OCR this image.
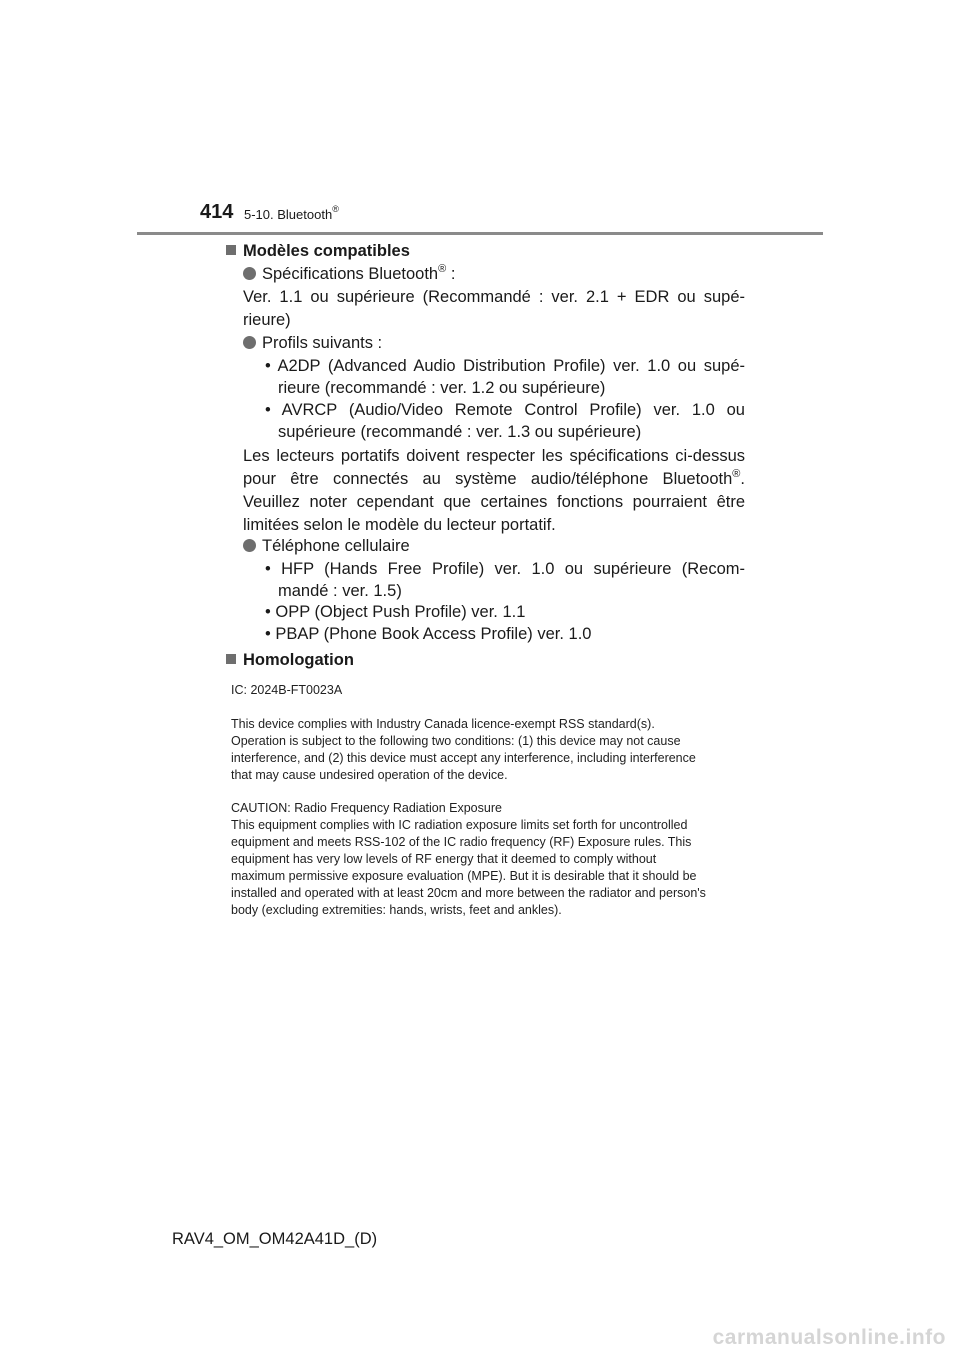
414 5-10. Bluetooth®
Modèles compatibles
Spécifications Bluetooth® :
Ver. 1.1 ou supérieure (Recommandé : ver. 2.1 + EDR ou supé-
rieure)
Profils suivants :
• A2DP (Advanced Audio Distribution Profile) ver. 1.0 ou supé-
rieure (recommandé : ver. 1.2 ou supérieure)
• AVRCP (Audio/Video Remote Control Profile) ver. 1.0 ou
supérieure (recommandé : ver. 1.3 ou supérieure)
Les lecteurs portatifs doivent respecter les spécifications ci-dessus
pour être connectés au système audio/téléphone Bluetooth®.
Veuillez noter cependant que certaines fonctions pourraient être
limitées selon le modèle du lecteur portatif.
Téléphone cellulaire
• HFP (Hands Free Profile) ver. 1.0 ou supérieure (Recom-
mandé : ver. 1.5)
• OPP (Object Push Profile) ver. 1.1
• PBAP (Phone Book Access Profile) ver. 1.0
Homologation
IC: 2024B-FT0023A
This device complies with Industry Canada licence-exempt RSS standard(s).
Operation is subject to the following two conditions: (1) this device may not cause
interference, and (2) this device must accept any interference, including interference
that may cause undesired operation of the device.
CAUTION: Radio Frequency Radiation Exposure
This equipment complies with IC radiation exposure limits set forth for uncontrolled
equipment and meets RSS-102 of the IC radio frequency (RF) Exposure rules. This
equipment has very low levels of RF energy that it deemed to comply without
maximum permissive exposure evaluation (MPE). But it is desirable that it should be
installed and operated with at least 20cm and more between the radiator and person's
body (excluding extremities: hands, wrists, feet and ankles).
RAV4_OM_OM42A41D_(D)
carmanualsonline.info
